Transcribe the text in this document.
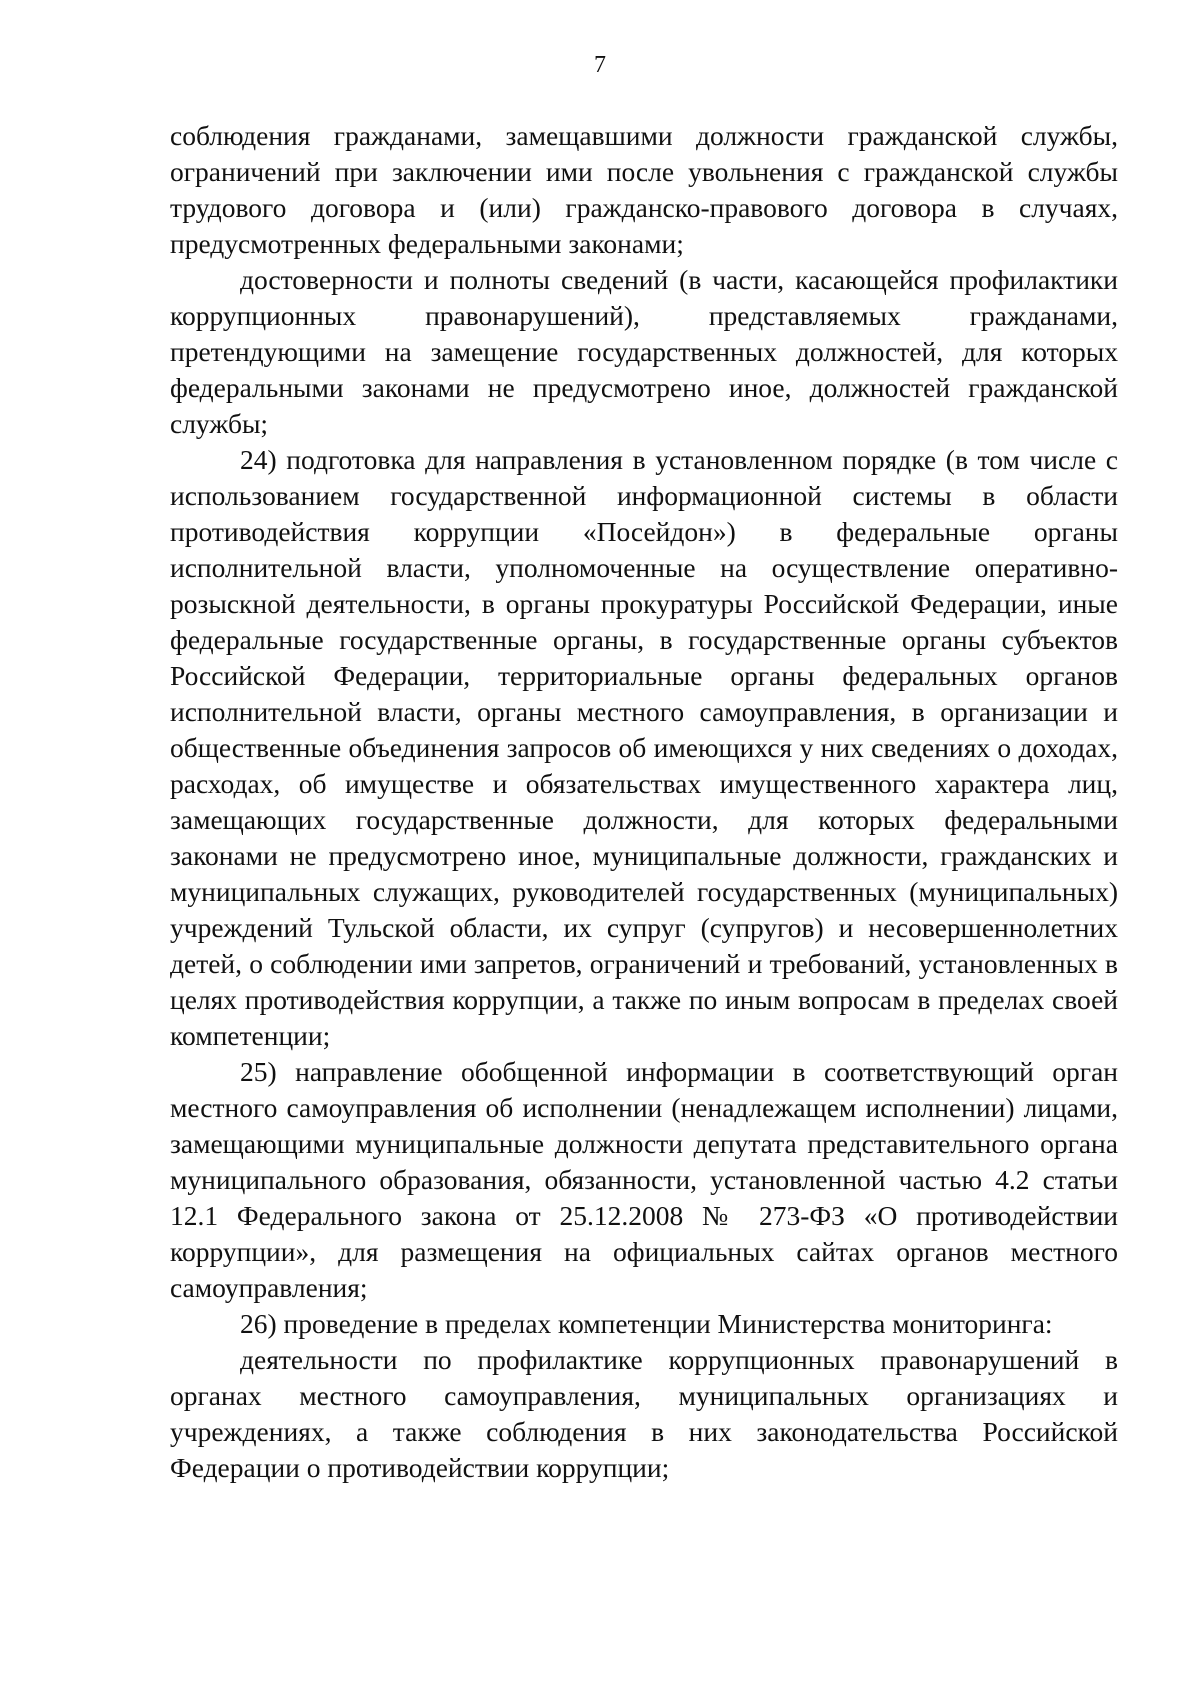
7

соблюдения гражданами, замещавшими должности гражданской службы, ограничений при заключении ими после увольнения с гражданской службы трудового договора и (или) гражданско-правового договора в случаях, предусмотренных федеральными законами;

достоверности и полноты сведений (в части, касающейся профилактики коррупционных правонарушений), представляемых гражданами, претендующими на замещение государственных должностей, для которых федеральными законами не предусмотрено иное, должностей гражданской службы;

24) подготовка для направления в установленном порядке (в том числе с использованием государственной информационной системы в области противодействия коррупции «Посейдон») в федеральные органы исполнительной власти, уполномоченные на осуществление оперативно-розыскной деятельности, в органы прокуратуры Российской Федерации, иные федеральные государственные органы, в государственные органы субъектов Российской Федерации, территориальные органы федеральных органов исполнительной власти, органы местного самоуправления, в организации и общественные объединения запросов об имеющихся у них сведениях о доходах, расходах, об имуществе и обязательствах имущественного характера лиц, замещающих государственные должности, для которых федеральными законами не предусмотрено иное, муниципальные должности, гражданских и муниципальных служащих, руководителей государственных (муниципальных) учреждений Тульской области, их супруг (супругов) и несовершеннолетних детей, о соблюдении ими запретов, ограничений и требований, установленных в целях противодействия коррупции, а также по иным вопросам в пределах своей компетенции;

25) направление обобщенной информации в соответствующий орган местного самоуправления об исполнении (ненадлежащем исполнении) лицами, замещающими муниципальные должности депутата представительного органа муниципального образования, обязанности, установленной частью 4.2 статьи 12.1 Федерального закона от 25.12.2008 № 273-ФЗ «О противодействии коррупции», для размещения на официальных сайтах органов местного самоуправления;

26) проведение в пределах компетенции Министерства мониторинга:

деятельности по профилактике коррупционных правонарушений в органах местного самоуправления, муниципальных организациях и учреждениях, а также соблюдения в них законодательства Российской Федерации о противодействии коррупции;
